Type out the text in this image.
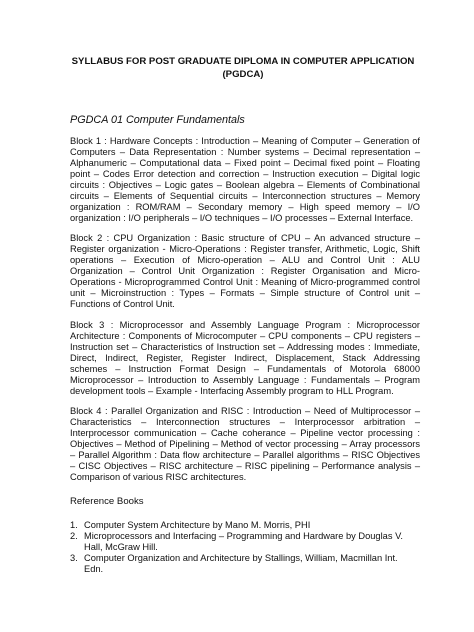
SYLLABUS FOR POST GRADUATE DIPLOMA IN COMPUTER APPLICATION (PGDCA)
PGDCA 01 Computer Fundamentals

Block 1 : Hardware Concepts : Introduction – Meaning of Computer – Generation of Computers – Data Representation : Number systems – Decimal representation – Alphanumeric – Computational data – Fixed point – Decimal fixed point – Floating point – Codes Error detection and correction – Instruction execution – Digital logic circuits : Objectives – Logic gates – Boolean algebra – Elements of Combinational circuits – Elements of Sequential circuits – Interconnection structures – Memory organization : ROM/RAM – Secondary memory – High speed memory – I/O organization : I/O peripherals – I/O techniques – I/O processes – External Interface.

Block 2 : CPU Organization : Basic structure of CPU – An advanced structure – Register organization - Micro-Operations : Register transfer, Arithmetic, Logic, Shift operations – Execution of Micro-operation – ALU and Control Unit : ALU Organization – Control Unit Organization : Register Organisation and Micro-Operations - Microprogrammed Control Unit : Meaning of Micro-programmed control unit – Microinstruction : Types – Formats – Simple structure of Control unit – Functions of Control Unit.

Block 3 : Microprocessor and Assembly Language Program : Microprocessor Architecture : Components of Microcomputer – CPU components – CPU registers – Instruction set – Characteristics of Instruction set – Addressing modes : Immediate, Direct, Indirect, Register, Register Indirect, Displacement, Stack Addressing schemes – Instruction Format Design – Fundamentals of Motorola 68000 Microprocessor – Introduction to Assembly Language : Fundamentals – Program development tools – Example - Interfacing Assembly program to HLL Program.

Block 4 : Parallel Organization and RISC : Introduction – Need of Multiprocessor – Characteristics – Interconnection structures – Interprocessor arbitration – Interprocessor communication – Cache coherance – Pipeline vector processing : Objectives – Method of Pipelining – Method of vector processing – Array processors – Parallel Algorithm : Data flow architecture – Parallel algorithms – RISC Objectives – CISC Objectives – RISC architecture – RISC pipelining – Performance analysis – Comparison of various RISC architectures.

Reference Books
1. Computer System Architecture by Mano M. Morris, PHI
2. Microprocessors and Interfacing – Programming and Hardware by Douglas V. Hall, McGraw Hill.
3. Computer Organization and Architecture by Stallings, William, Macmillan Int. Edn.
